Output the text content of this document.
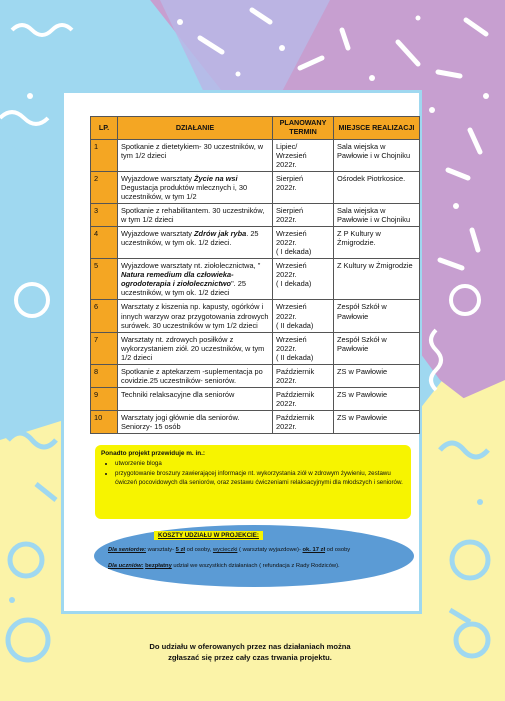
LP.	DZIAŁANIE	PLANOWANY TERMIN	MIEJSCE REALIZACJI
1	Spotkanie z dietetykiem- 30 uczestników, w tym 1/2 dzieci	Lipiec/
Wrzesień
2022r.	Sala wiejska w Pawłowie i w Chojniku
2	Wyjazdowe warsztaty Życie na wsi Degustacja produktów mlecznych i, 30 uczestników, w tym 1/2	Sierpień
2022r.	Ośrodek Piotrkosice.
3	Spotkanie z rehabilitantem. 30 uczestników, w tym 1/2 dzieci	Sierpień
2022r.	Sala wiejska w Pawłowie i w Chojniku
4	Wyjazdowe warsztaty Zdrów jak ryba. 25 uczestników, w tym ok. 1/2 dzieci.	Wrzesień
2022r.
( I dekada)	Z P Kultury w Żmigrodzie.
5	Wyjazdowe warsztaty nt. ziołolecznictwa, " Natura remedium dla człowieka- ogrodoterapia i ziołolecznictwo". 25 uczestników, w tym ok. 1/2 dzieci	Wrzesień
2022r.
( I dekada)	Z Kultury w Żmigrodzie
6	Warsztaty z kiszenia np. kapusty, ogórków i innych warzyw oraz przygotowania zdrowych surówek. 30 uczestników w tym 1/2 dzieci	Wrzesień
2022r.
( II dekada)	Zespół Szkół w Pawłowie
7	Warsztaty nt. zdrowych posiłków z wykorzystaniem ziół. 20 uczestników, w tym 1/2 dzieci	Wrzesień
2022r.
( II dekada)	Zespół Szkół w Pawłowie
8	Spotkanie z aptekarzem -suplementacja po covidzie.25 uczestników- seniorów.	Październik
2022r.	ZS w Pawłowie
9	Techniki relaksacyjne dla seniorów	Październik
2022r.	ZS w Pawłowie
10	Warsztaty jogi głównie dla seniorów. Seniorzy- 15 osób	Październik
2022r.	ZS w Pawłowie
Ponadto projekt przewiduje m. in.:
• utworzenie bloga
• przygotowanie broszury zawierającej informacje nt. wykorzystania ziół w zdrowym żywieniu, zestawu ćwiczeń pocovidowych dla seniorów, oraz zestawu ćwiczeniami relaksacyjnymi dla młodszych i seniorów.
KOSZTY UDZIAŁU W PROJEKCIE:
Dla seniorów: warsztaty- 5 zł od osoby, wycieczki ( warsztaty wyjazdowe)- ok. 17 zł od osoby
Dla uczniów: bezpłatny udział we wszystkich działaniach ( refundacja z Rady Rodziców).
Do udziału w oferowanych przez nas działaniach można
zgłaszać się przez cały czas trwania projektu.
